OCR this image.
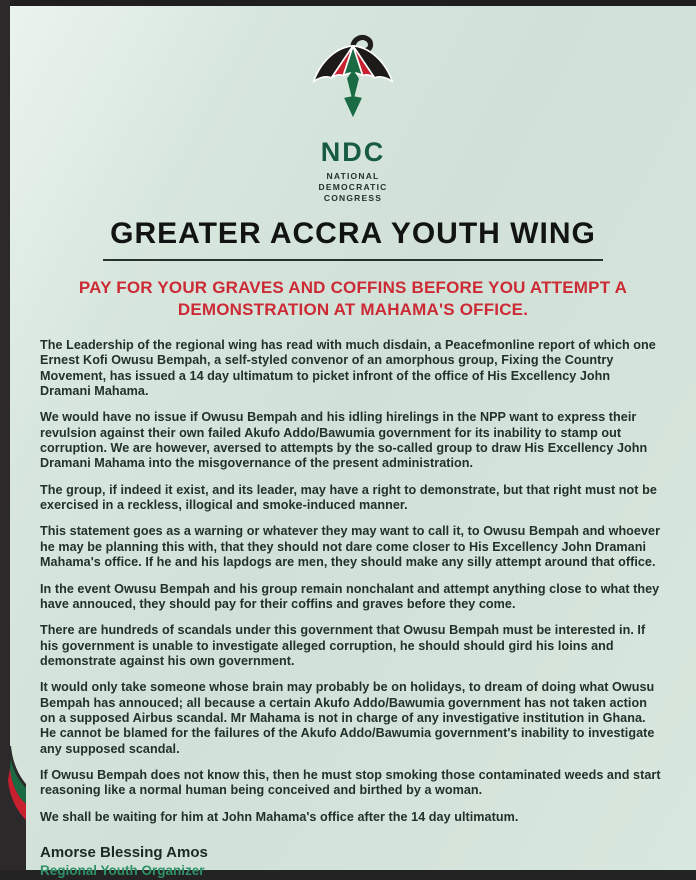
NDC
NATIONAL
DEMOCRATIC
CONGRESS
GREATER ACCRA YOUTH WING
PAY FOR YOUR GRAVES AND COFFINS BEFORE YOU ATTEMPT A DEMONSTRATION AT MAHAMA'S OFFICE.

The Leadership of the regional wing has read with much disdain, a Peacefmonline report of which one Ernest Kofi Owusu Bempah, a self-styled convenor of an amorphous group, Fixing the Country Movement, has issued a 14 day ultimatum to picket infront of the office of His Excellency John Dramani Mahama.

We would have no issue if Owusu Bempah and his idling hirelings in the NPP want to express their revulsion against their own failed Akufo Addo/Bawumia government for its inability to stamp out corruption. We are however, aversed to attempts by the so-called group to draw His Excellency John Dramani Mahama into the misgovernance of the present administration.

The group, if indeed it exist, and its leader, may have a right to demonstrate, but that right must not be exercised in a reckless, illogical and smoke-induced manner.

This statement goes as a warning or whatever they may want to call it, to Owusu Bempah and whoever he may be planning this with, that they should not dare come closer to His Excellency John Dramani Mahama's office. If he and his lapdogs are men, they should make any silly attempt around that office.

In the event Owusu Bempah and his group remain nonchalant and attempt anything close to what they have annouced, they should pay for their coffins and graves before they come.

There are hundreds of scandals under this government that Owusu Bempah must be interested in. If his government is unable to investigate alleged corruption, he should should gird his loins and demonstrate against his own government.

It would only take someone whose brain may probably be on holidays, to dream of doing what Owusu Bempah has annouced; all because a certain Akufo Addo/Bawumia government has not taken action on a supposed Airbus scandal. Mr Mahama is not in charge of any investigative institution in Ghana. He cannot be blamed for the failures of the Akufo Addo/Bawumia government's inability to investigate any supposed scandal.

If Owusu Bempah does not know this, then he must stop smoking those contaminated weeds and start reasoning like a normal human being conceived and birthed by a woman.

We shall be waiting for him at John Mahama's office after the 14 day ultimatum.

Amorse Blessing Amos
Regional Youth Organizer
